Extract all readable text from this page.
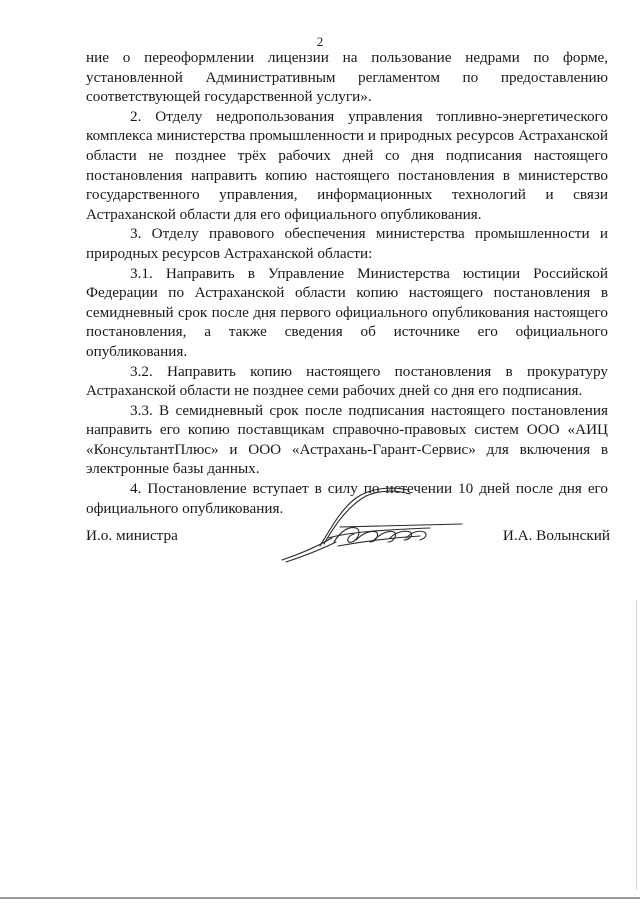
2

ние о переоформлении лицензии на пользование недрами по форме, установленной Административным регламентом по предоставлению соответствующей государственной услуги».

2. Отделу недропользования управления топливно-энергетического комплекса министерства промышленности и природных ресурсов Астраханской области не позднее трёх рабочих дней со дня подписания настоящего постановления направить копию настоящего постановления в министерство государственного управления, информационных технологий и связи Астраханской области для его официального опубликования.

3. Отделу правового обеспечения министерства промышленности и природных ресурсов Астраханской области:

3.1. Направить в Управление Министерства юстиции Российской Федерации по Астраханской области копию настоящего постановления в семидневный срок после дня первого официального опубликования настоящего постановления, а также сведения об источнике его официального опубликования.

3.2. Направить копию настоящего постановления в прокуратуру Астраханской области не позднее семи рабочих дней со дня его подписания.

3.3. В семидневный срок после подписания настоящего постановления направить его копию поставщикам справочно-правовых систем ООО «АИЦ «КонсультантПлюс» и ООО «Астрахань-Гарант-Сервис» для включения в электронные базы данных.

4. Постановление вступает в силу по истечении 10 дней после дня его официального опубликования.

И.о. министра	И.А. Волынский
